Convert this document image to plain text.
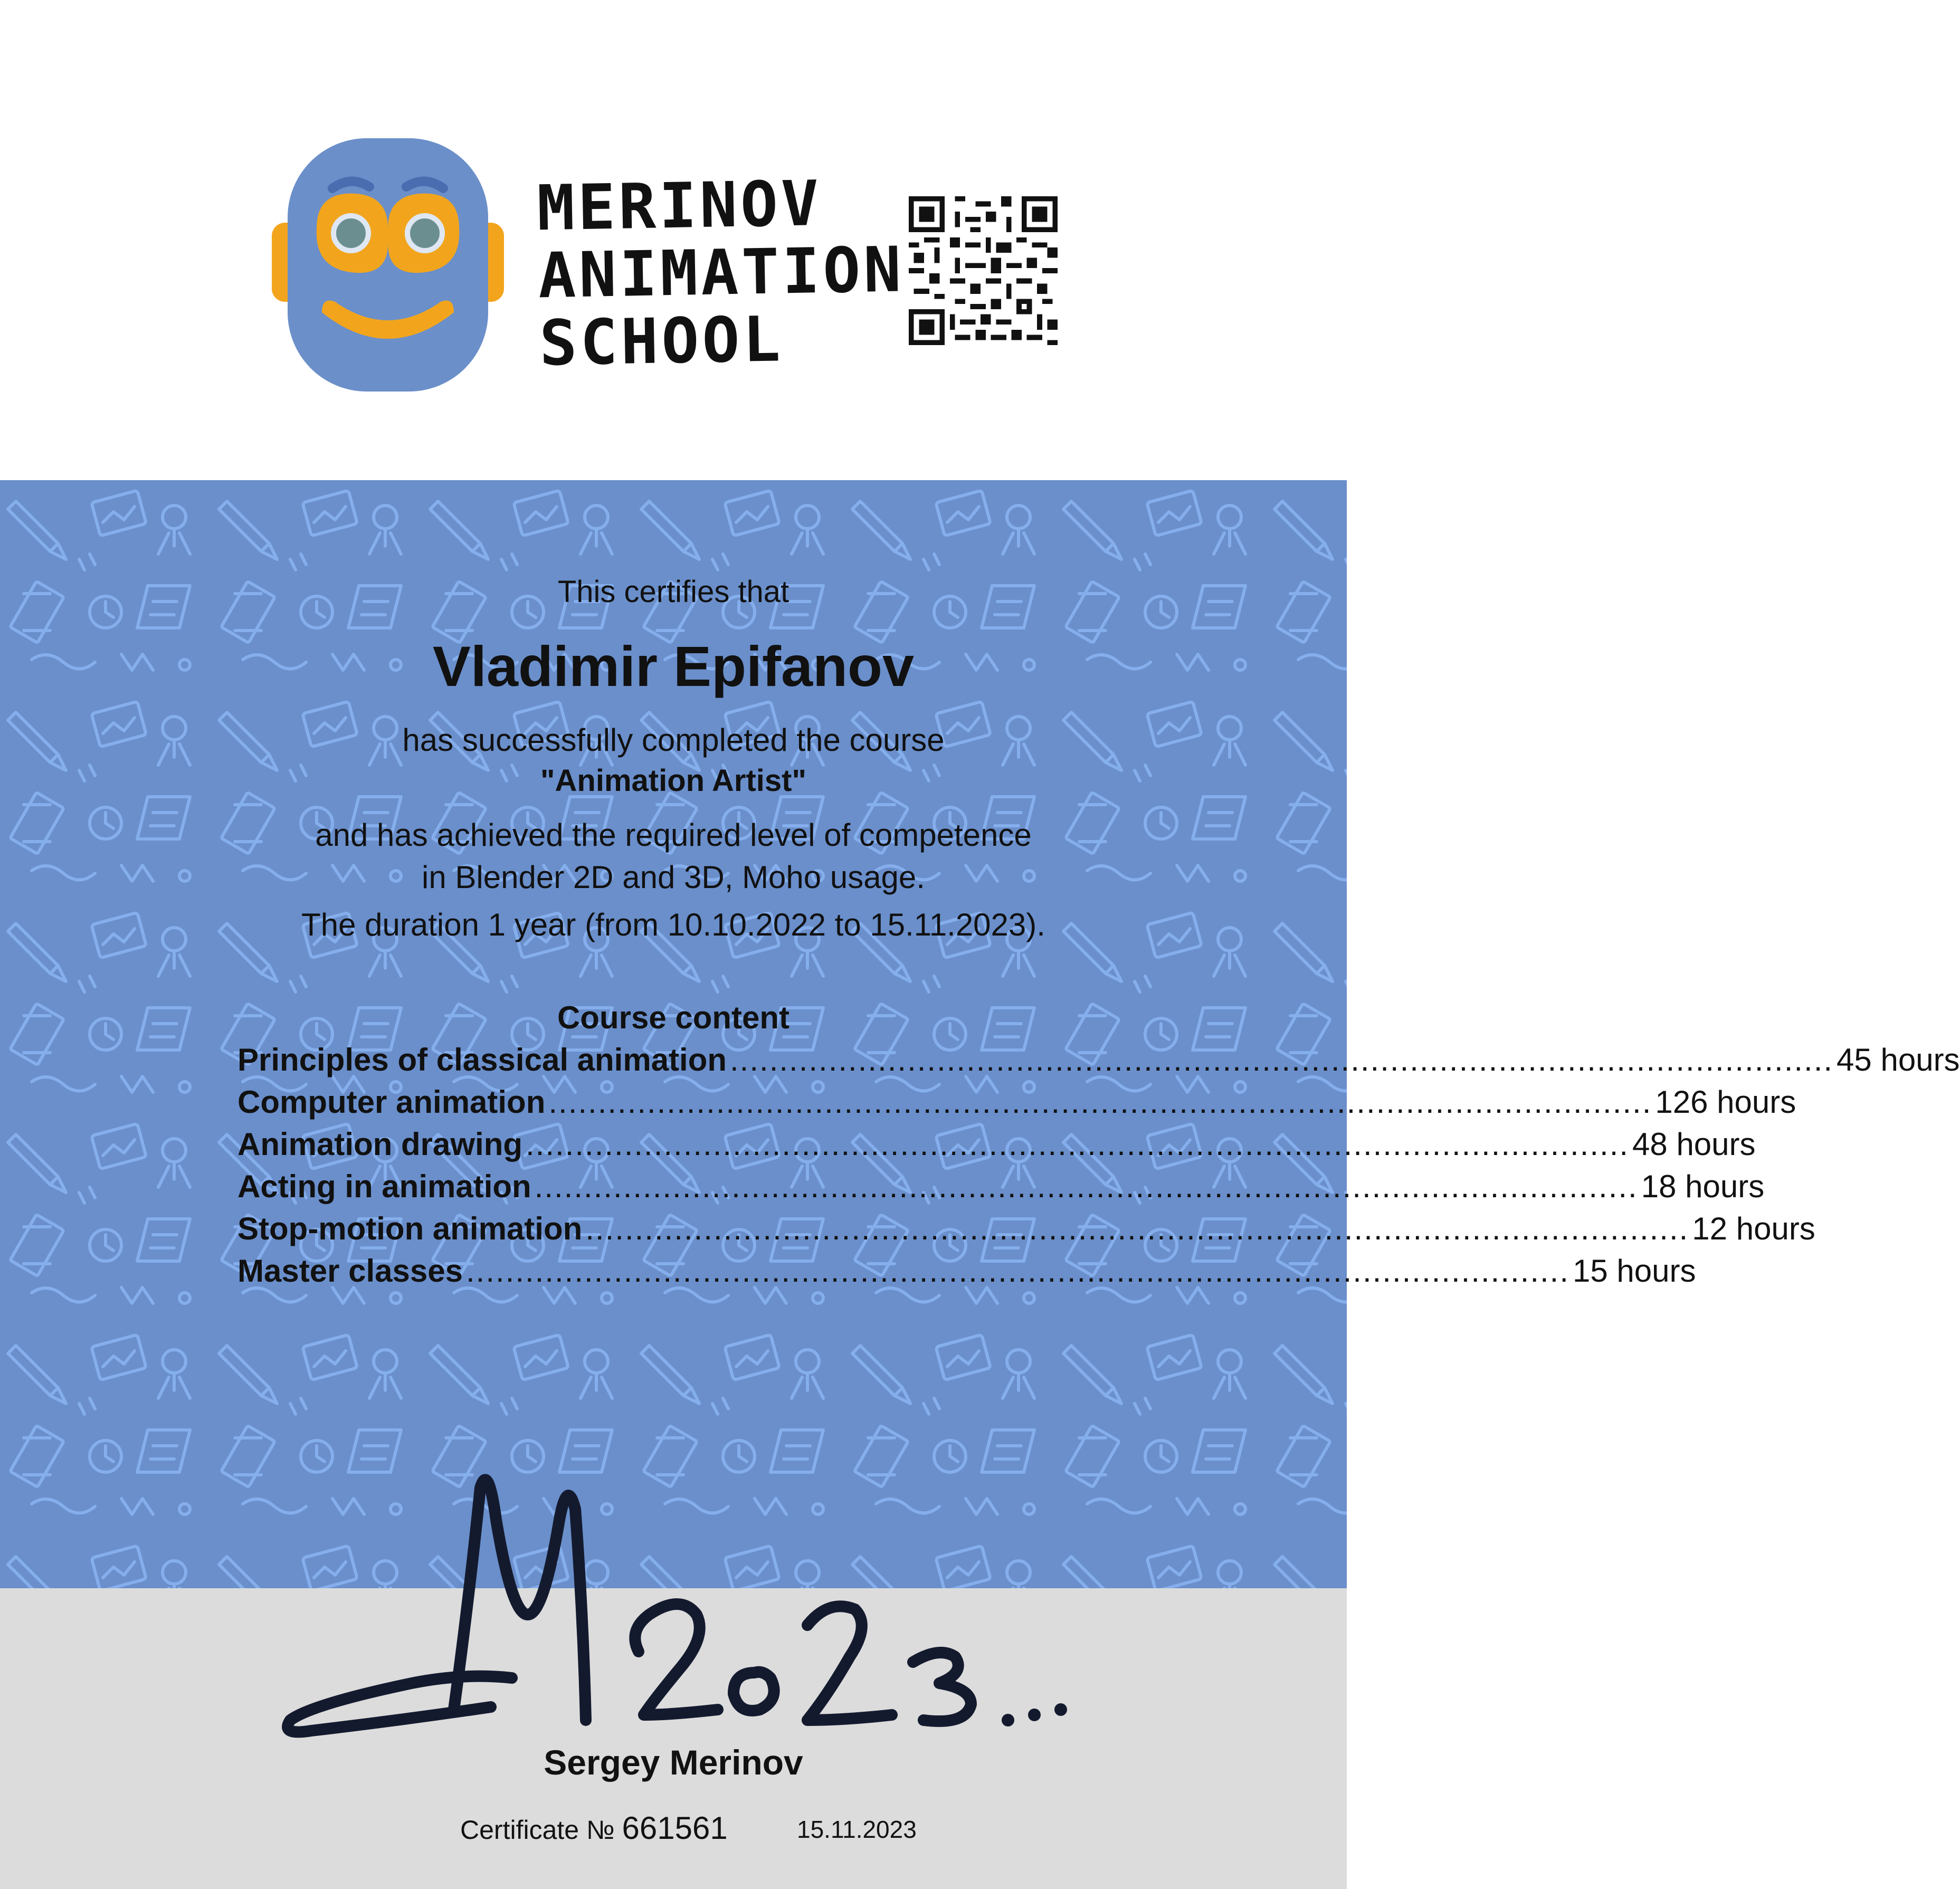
MERINOV
ANIMATION
SCHOOL
This certifies that
Vladimir Epifanov
has successfully completed the course
"Animation Artist"
and has achieved the required level of competence
in Blender 2D and 3D, Moho usage.
The duration 1 year (from 10.10.2022 to 15.11.2023).
Course content
Principles of classical animation ................................................................................................................ 45 hours
Computer animation ................................................................................................................ 126 hours
Animation drawing ................................................................................................................ 48 hours
Acting in animation ................................................................................................................ 18 hours
Stop-motion animation ................................................................................................................ 12 hours
Master classes ................................................................................................................ 15 hours
Sergey Merinov
Certificate № 661561	15.11.2023
